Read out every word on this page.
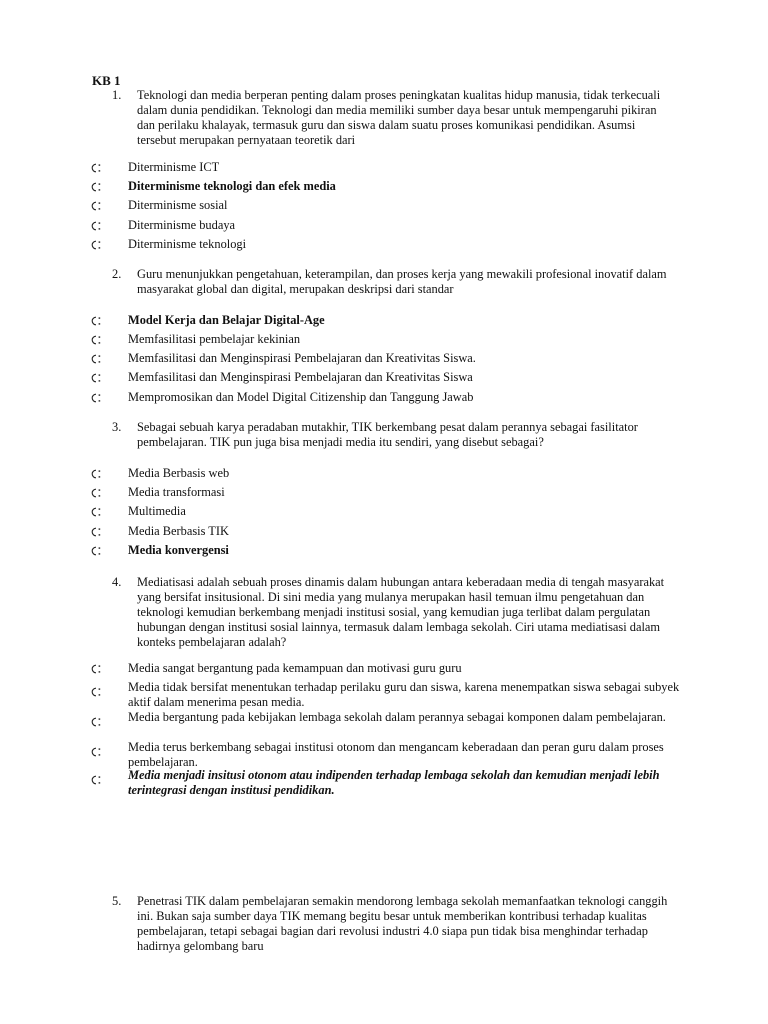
KB 1
1.	Teknologi dan media berperan penting dalam proses peningkatan kualitas hidup manusia, tidak terkecuali dalam dunia pendidikan. Teknologi dan media memiliki sumber daya besar untuk mempengaruhi pikiran dan perilaku khalayak, termasuk guru dan siswa dalam suatu proses komunikasi pendidikan. Asumsi tersebut merupakan pernyataan teoretik dari
Diterminisme ICT
Diterminisme teknologi dan efek media
Diterminisme sosial
Diterminisme budaya
Diterminisme teknologi
2.	Guru menunjukkan pengetahuan, keterampilan, dan proses kerja yang mewakili profesional inovatif dalam masyarakat global dan digital, merupakan deskripsi dari standar
Model Kerja dan Belajar Digital-Age
Memfasilitasi pembelajar kekinian
Memfasilitasi dan Menginspirasi Pembelajaran dan Kreativitas Siswa.
Memfasilitasi dan Menginspirasi Pembelajaran dan Kreativitas Siswa
Mempromosikan dan Model Digital Citizenship dan Tanggung Jawab
3.	Sebagai sebuah karya peradaban mutakhir, TIK berkembang pesat dalam perannya sebagai fasilitator pembelajaran. TIK pun juga bisa menjadi media itu sendiri, yang disebut sebagai?
Media Berbasis web
Media transformasi
Multimedia
Media Berbasis TIK
Media konvergensi
4.	Mediatisasi adalah sebuah proses dinamis dalam hubungan antara keberadaan media di tengah masyarakat yang bersifat insitusional. Di sini media yang mulanya merupakan hasil temuan ilmu pengetahuan dan teknologi kemudian berkembang menjadi institusi sosial, yang kemudian juga terlibat dalam pergulatan hubungan dengan institusi sosial lainnya, termasuk dalam lembaga sekolah. Ciri utama mediatisasi dalam konteks pembelajaran adalah?
Media sangat bergantung pada kemampuan dan motivasi guru guru
Media tidak bersifat menentukan terhadap perilaku guru dan siswa, karena menempatkan siswa sebagai subyek aktif dalam menerima pesan media.
Media bergantung pada kebijakan lembaga sekolah dalam perannya sebagai komponen dalam pembelajaran.
Media terus berkembang sebagai institusi otonom dan mengancam keberadaan dan peran guru dalam proses pembelajaran.
Media menjadi insitusi otonom atau indipenden terhadap lembaga sekolah dan kemudian menjadi lebih terintegrasi dengan institusi pendidikan.
5.	Penetrasi TIK dalam pembelajaran semakin mendorong lembaga sekolah memanfaatkan teknologi canggih ini. Bukan saja sumber daya TIK memang begitu besar untuk memberikan kontribusi terhadap kualitas pembelajaran, tetapi sebagai bagian dari revolusi industri 4.0 siapa pun tidak bisa menghindar terhadap hadirnya gelombang baru
